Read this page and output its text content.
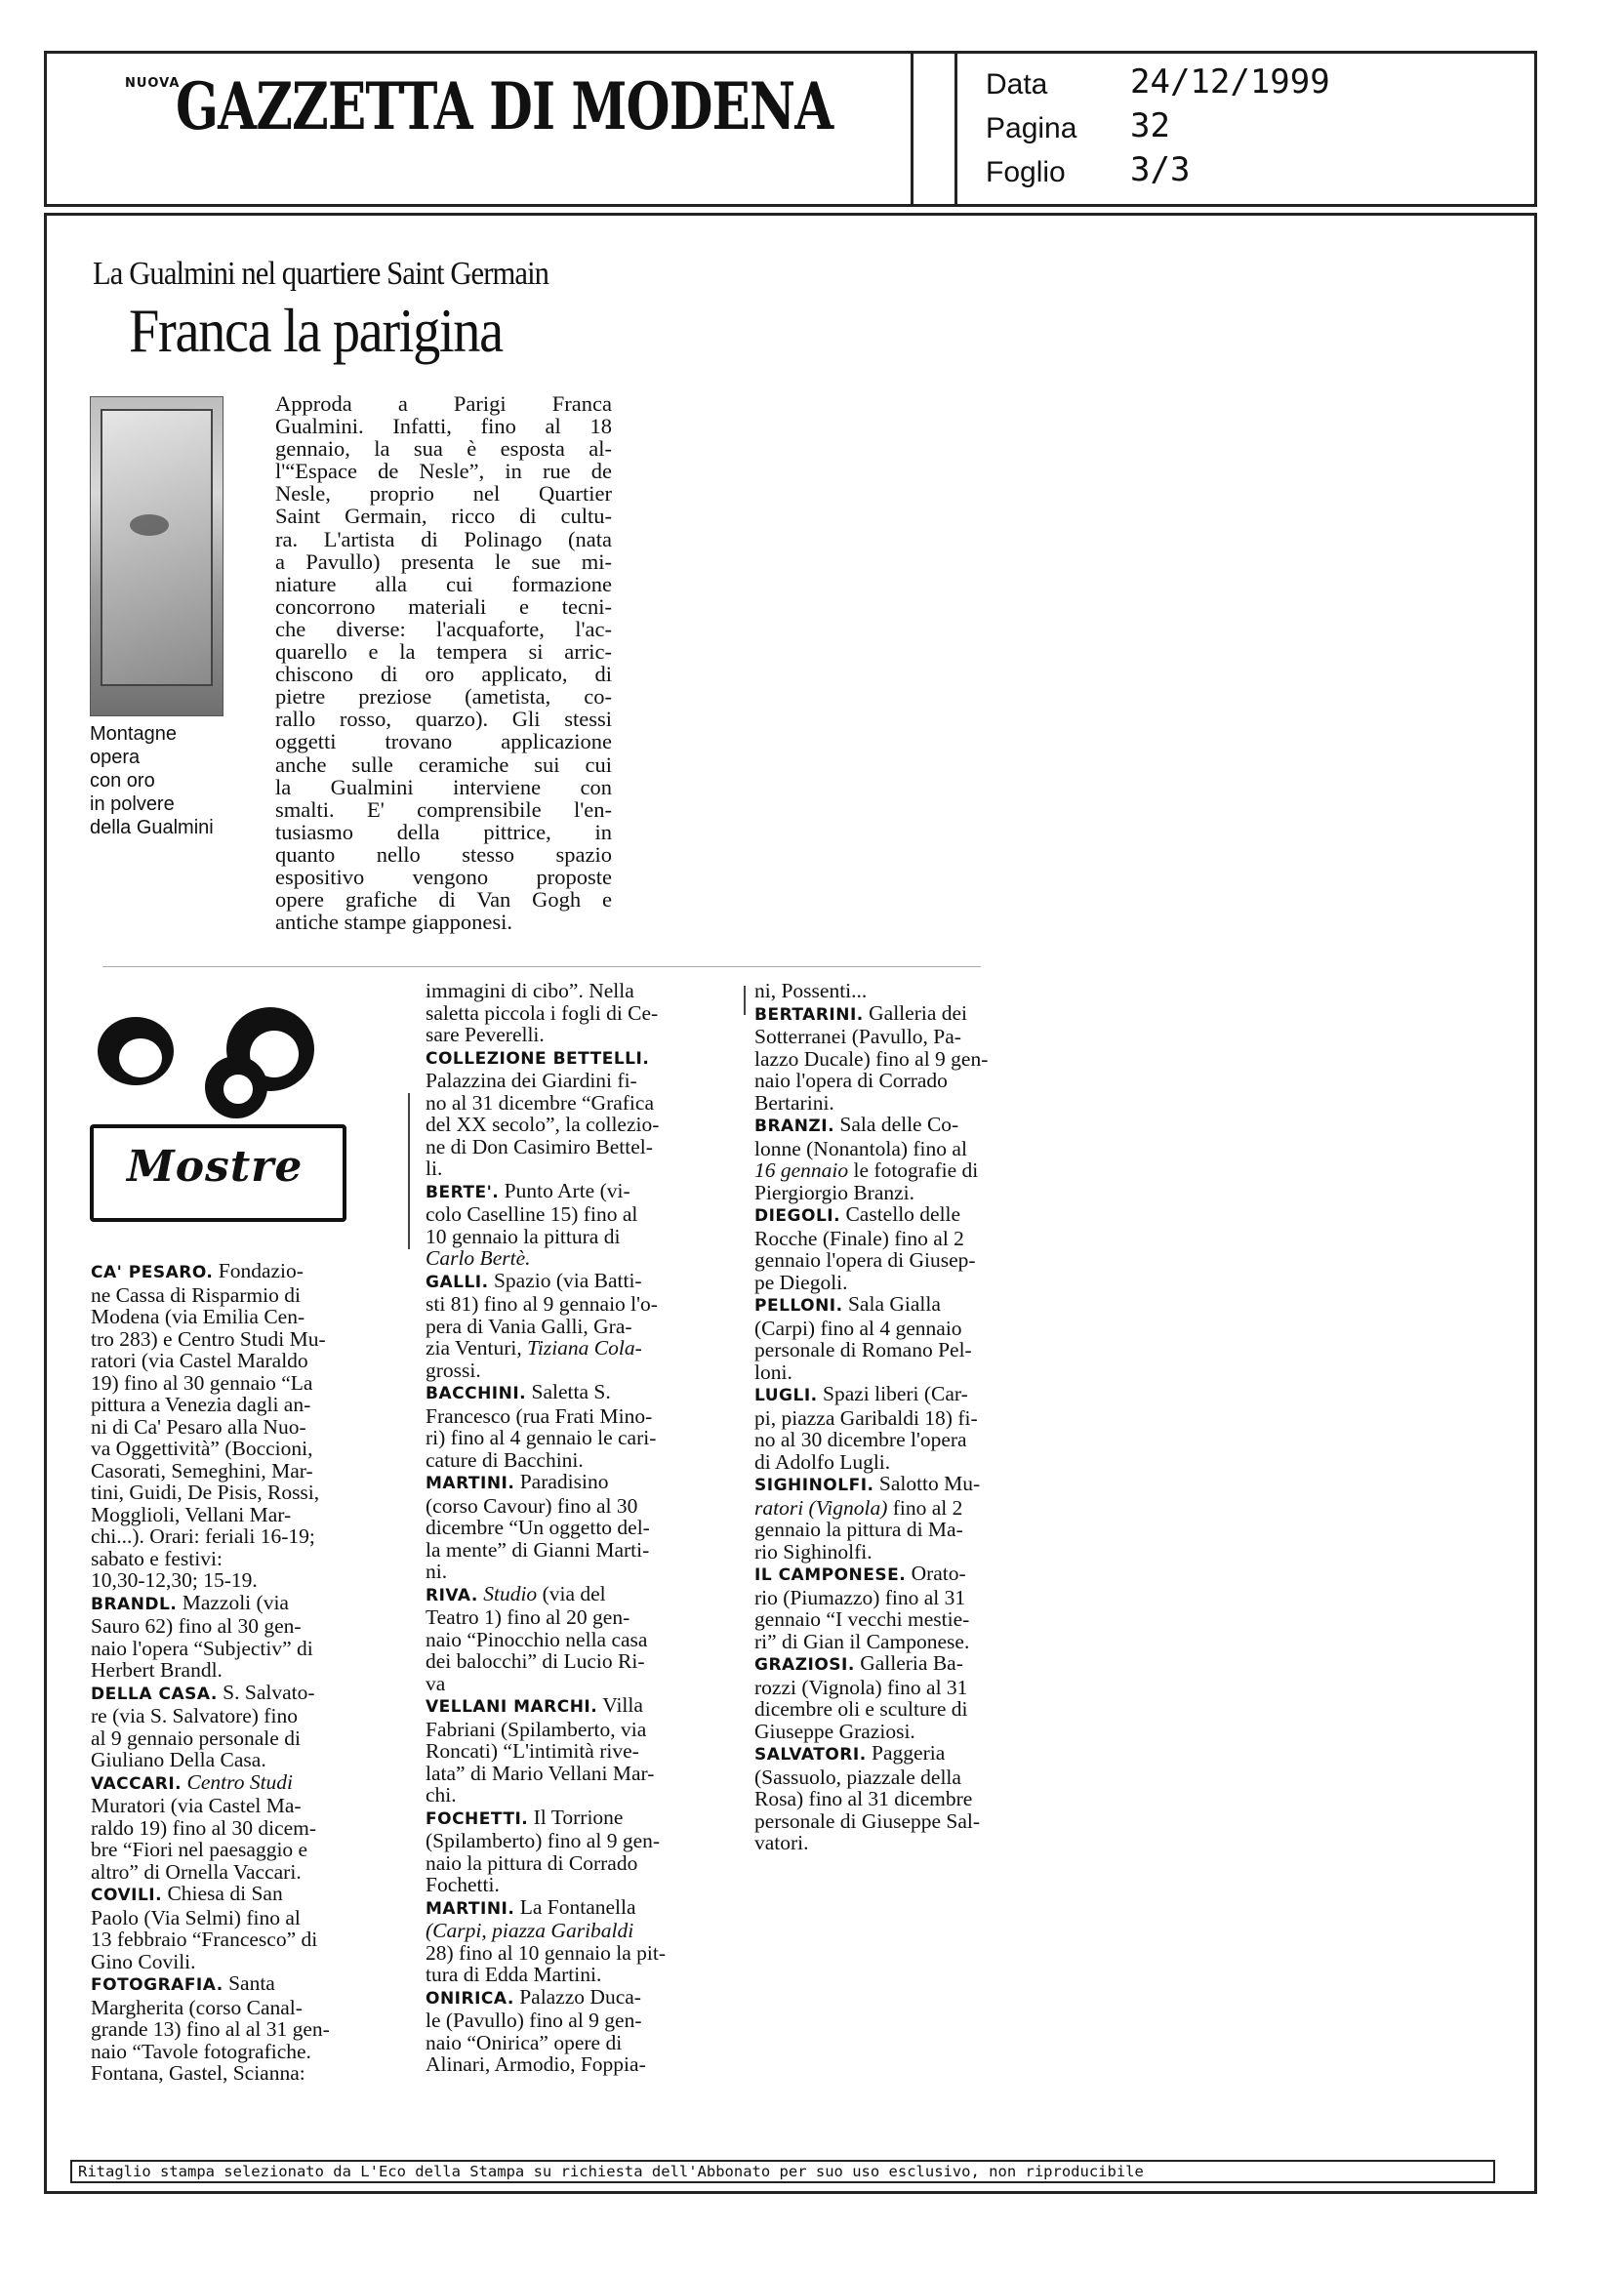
NUOVA
GAZZETTA DI MODENA	Data 24/12/1999
Pagina 32
Foglio 3/3
La Gualmini nel quartiere Saint Germain
Franca la parigina
Montagne
opera
con oro
in polvere
della Gualmini
Approda a Parigi Franca
Gualmini. Infatti, fino al 18
gennaio, la sua è esposta al-
l'“Espace de Nesle”, in rue de
Nesle, proprio nel Quartier
Saint Germain, ricco di cultu-
ra. L'artista di Polinago (nata
a Pavullo) presenta le sue mi-
niature alla cui formazione
concorrono materiali e tecni-
che diverse: l'acquaforte, l'ac-
quarello e la tempera si arric-
chiscono di oro applicato, di
pietre preziose (ametista, co-
rallo rosso, quarzo). Gli stessi
oggetti trovano applicazione
anche sulle ceramiche sui cui
la Gualmini interviene con
smalti. E' comprensibile l'en-
tusiasmo della pittrice, in
quanto nello stesso spazio
espositivo vengono proposte
opere grafiche di Van Gogh e
antiche stampe giapponesi.
Mostre
CA' PESARO. Fondazio-
ne Cassa di Risparmio di
Modena (via Emilia Cen-
tro 283) e Centro Studi Mu-
ratori (via Castel Maraldo
19) fino al 30 gennaio “La
pittura a Venezia dagli an-
ni di Ca' Pesaro alla Nuo-
va Oggettività” (Boccioni,
Casorati, Semeghini, Mar-
tini, Guidi, De Pisis, Rossi,
Mogglioli, Vellani Mar-
chi...). Orari: feriali 16-19;
sabato e festivi:
10,30-12,30; 15-19.
BRANDL. Mazzoli (via
Sauro 62) fino al 30 gen-
naio l'opera “Subjectiv” di
Herbert Brandl.
DELLA CASA. S. Salvato-
re (via S. Salvatore) fino
al 9 gennaio personale di
Giuliano Della Casa.
VACCARI. Centro Studi
Muratori (via Castel Ma-
raldo 19) fino al 30 dicem-
bre “Fiori nel paesaggio e
altro” di Ornella Vaccari.
COVILI. Chiesa di San
Paolo (Via Selmi) fino al
13 febbraio “Francesco” di
Gino Covili.
FOTOGRAFIA. Santa
Margherita (corso Canal-
grande 13) fino al al 31 gen-
naio “Tavole fotografiche.
Fontana, Gastel, Scianna:
immagini di cibo”. Nella
saletta piccola i fogli di Ce-
sare Peverelli.
COLLEZIONE BETTELLI.
Palazzina dei Giardini fi-
no al 31 dicembre “Grafica
del XX secolo”, la collezio-
ne di Don Casimiro Bettel-
li.
BERTE'. Punto Arte (vi-
colo Caselline 15) fino al
10 gennaio la pittura di
Carlo Bertè.
GALLI. Spazio (via Batti-
sti 81) fino al 9 gennaio l'o-
pera di Vania Galli, Gra-
zia Venturi, Tiziana Cola-
grossi.
BACCHINI. Saletta S.
Francesco (rua Frati Mino-
ri) fino al 4 gennaio le cari-
cature di Bacchini.
MARTINI. Paradisino
(corso Cavour) fino al 30
dicembre “Un oggetto del-
la mente” di Gianni Marti-
ni.
RIVA. Studio (via del
Teatro 1) fino al 20 gen-
naio “Pinocchio nella casa
dei balocchi” di Lucio Ri-
va
VELLANI MARCHI. Villa
Fabriani (Spilamberto, via
Roncati) “L'intimità rive-
lata” di Mario Vellani Mar-
chi.
FOCHETTI. Il Torrione
(Spilamberto) fino al 9 gen-
naio la pittura di Corrado
Fochetti.
MARTINI. La Fontanella
(Carpi, piazza Garibaldi
28) fino al 10 gennaio la pit-
tura di Edda Martini.
ONIRICA. Palazzo Duca-
le (Pavullo) fino al 9 gen-
naio “Onirica” opere di
Alinari, Armodio, Foppia-
ni, Possenti...
BERTARINI. Galleria dei
Sotterranei (Pavullo, Pa-
lazzo Ducale) fino al 9 gen-
naio l'opera di Corrado
Bertarini.
BRANZI. Sala delle Co-
lonne (Nonantola) fino al
16 gennaio le fotografie di
Piergiorgio Branzi.
DIEGOLI. Castello delle
Rocche (Finale) fino al 2
gennaio l'opera di Giusep-
pe Diegoli.
PELLONI. Sala Gialla
(Carpi) fino al 4 gennaio
personale di Romano Pel-
loni.
LUGLI. Spazi liberi (Car-
pi, piazza Garibaldi 18) fi-
no al 30 dicembre l'opera
di Adolfo Lugli.
SIGHINOLFI. Salotto Mu-
ratori (Vignola) fino al 2
gennaio la pittura di Ma-
rio Sighinolfi.
IL CAMPONESE. Orato-
rio (Piumazzo) fino al 31
gennaio “I vecchi mestie-
ri” di Gian il Camponese.
GRAZIOSI. Galleria Ba-
rozzi (Vignola) fino al 31
dicembre oli e sculture di
Giuseppe Graziosi.
SALVATORI. Paggeria
(Sassuolo, piazzale della
Rosa) fino al 31 dicembre
personale di Giuseppe Sal-
vatori.
Ritaglio stampa selezionato da L'Eco della Stampa su richiesta dell'Abbonato per suo uso esclusivo, non riproducibile
